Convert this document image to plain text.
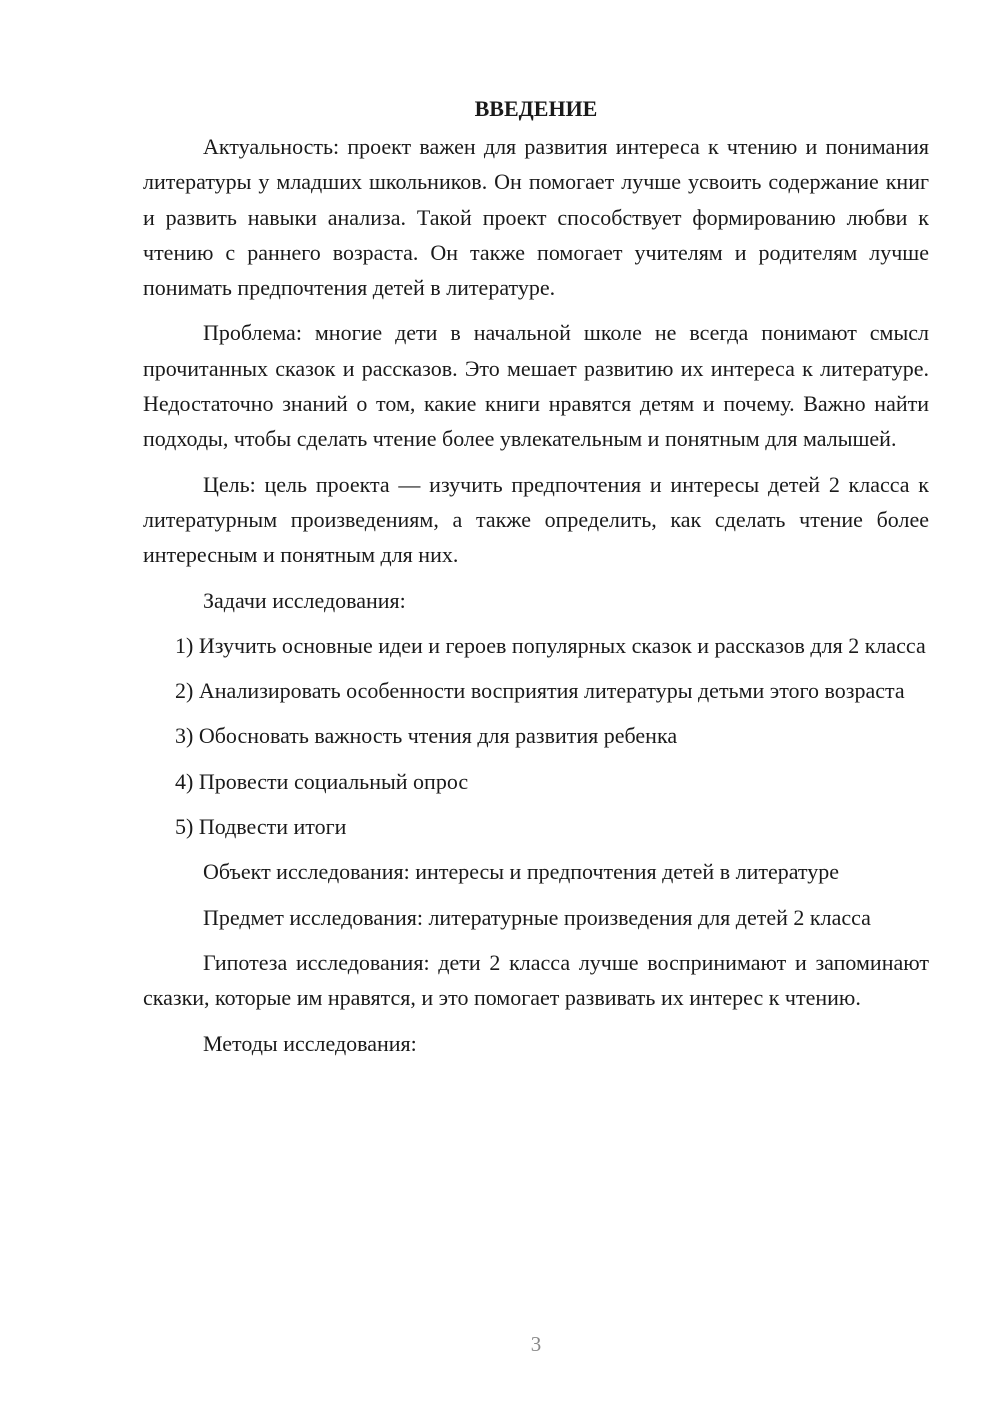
ВВЕДЕНИЕ

Актуальность: проект важен для развития интереса к чтению и понимания литературы у младших школьников. Он помогает лучше усвоить содержание книг и развить навыки анализа. Такой проект способствует формированию любви к чтению с раннего возраста. Он также помогает учителям и родителям лучше понимать предпочтения детей в литературе.

Проблема: многие дети в начальной школе не всегда понимают смысл прочитанных сказок и рассказов. Это мешает развитию их интереса к литературе. Недостаточно знаний о том, какие книги нравятся детям и почему. Важно найти подходы, чтобы сделать чтение более увлекательным и понятным для малышей.

Цель: цель проекта — изучить предпочтения и интересы детей 2 класса к литературным произведениям, а также определить, как сделать чтение более интересным и понятным для них.

Задачи исследования:

1) Изучить основные идеи и героев популярных сказок и рассказов для 2 класса

2) Анализировать особенности восприятия литературы детьми этого возраста

3) Обосновать важность чтения для развития ребенка

4) Провести социальный опрос

5) Подвести итоги

Объект исследования: интересы и предпочтения детей в литературе

Предмет исследования: литературные произведения для детей 2 класса

Гипотеза исследования: дети 2 класса лучше воспринимают и запоминают сказки, которые им нравятся, и это помогает развивать их интерес к чтению.

Методы исследования:

3
